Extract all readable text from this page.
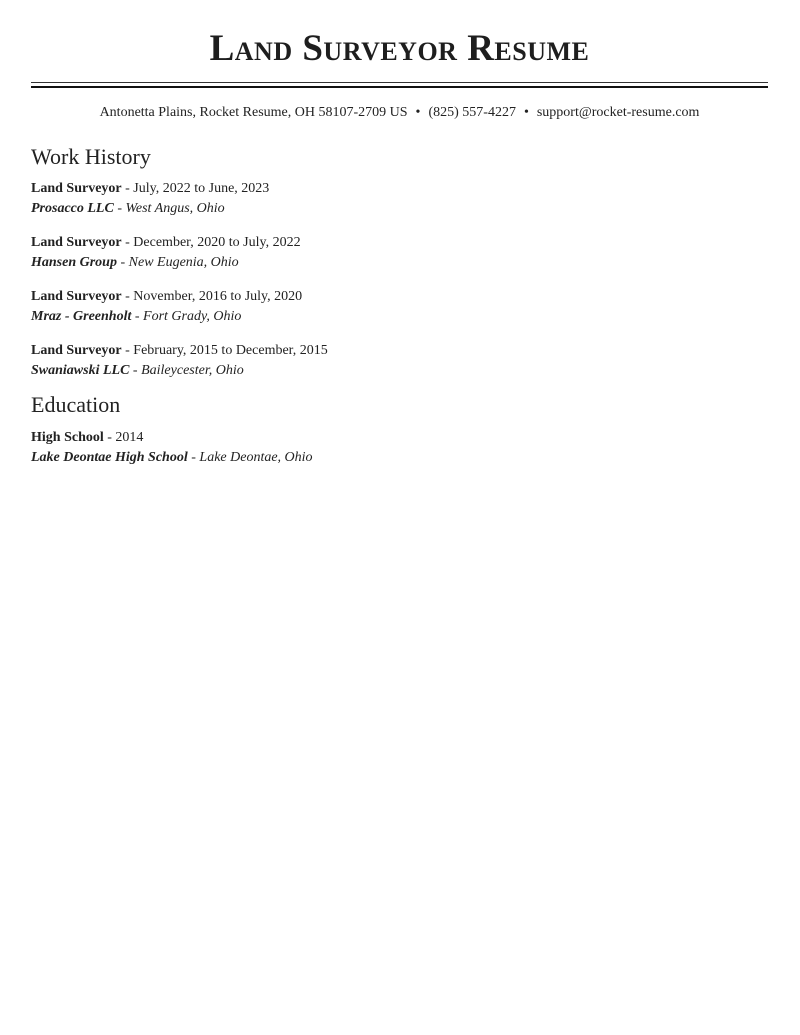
Land Surveyor Resume
Antonetta Plains, Rocket Resume, OH 58107-2709 US • (825) 557-4227 • support@rocket-resume.com
Work History
Land Surveyor - July, 2022 to June, 2023
Prosacco LLC - West Angus, Ohio
Land Surveyor - December, 2020 to July, 2022
Hansen Group - New Eugenia, Ohio
Land Surveyor - November, 2016 to July, 2020
Mraz - Greenholt - Fort Grady, Ohio
Land Surveyor - February, 2015 to December, 2015
Swaniawski LLC - Baileycester, Ohio
Education
High School - 2014
Lake Deontae High School - Lake Deontae, Ohio
